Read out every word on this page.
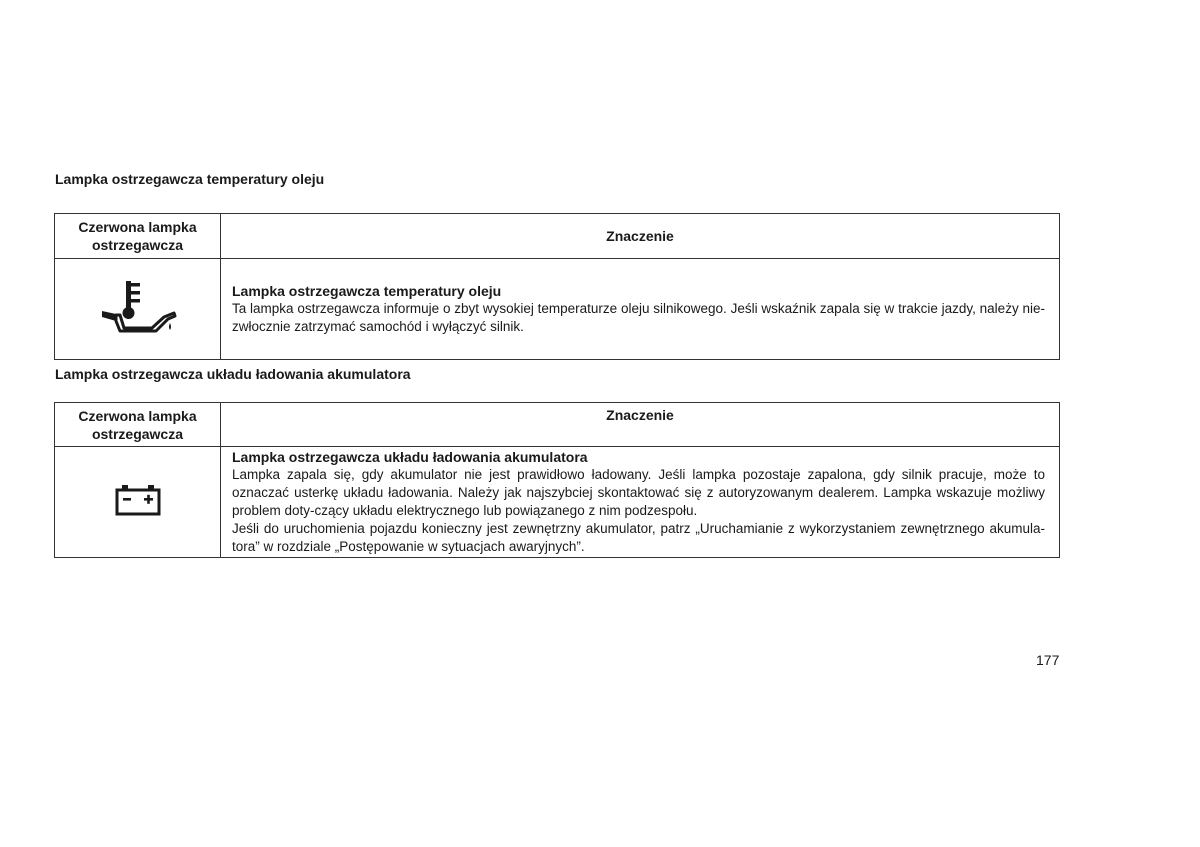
Lampka ostrzegawcza temperatury oleju
Czerwona lampka ostrzegawcza	Znaczenie

Lampka ostrzegawcza temperatury oleju
Ta lampka ostrzegawcza informuje o zbyt wysokiej temperaturze oleju silnikowego. Jeśli wskaźnik zapala się w trakcie jazdy, należy nie-zwłocznie zatrzymać samochód i wyłączyć silnik.
Lampka ostrzegawcza układu ładowania akumulatora
Czerwona lampka ostrzegawcza	Znaczenie

Lampka ostrzegawcza układu ładowania akumulatora
Lampka zapala się, gdy akumulator nie jest prawidłowo ładowany. Jeśli lampka pozostaje zapalona, gdy silnik pracuje, może to oznaczać usterkę układu ładowania. Należy jak najszybciej skontaktować się z autoryzowanym dealerem. Lampka wskazuje możliwy problem doty-czący układu elektrycznego lub powiązanego z nim podzespołu.
Jeśli do uruchomienia pojazdu konieczny jest zewnętrzny akumulator, patrz „Uruchamianie z wykorzystaniem zewnętrznego akumula-tora” w rozdziale „Postępowanie w sytuacjach awaryjnych”.
177
